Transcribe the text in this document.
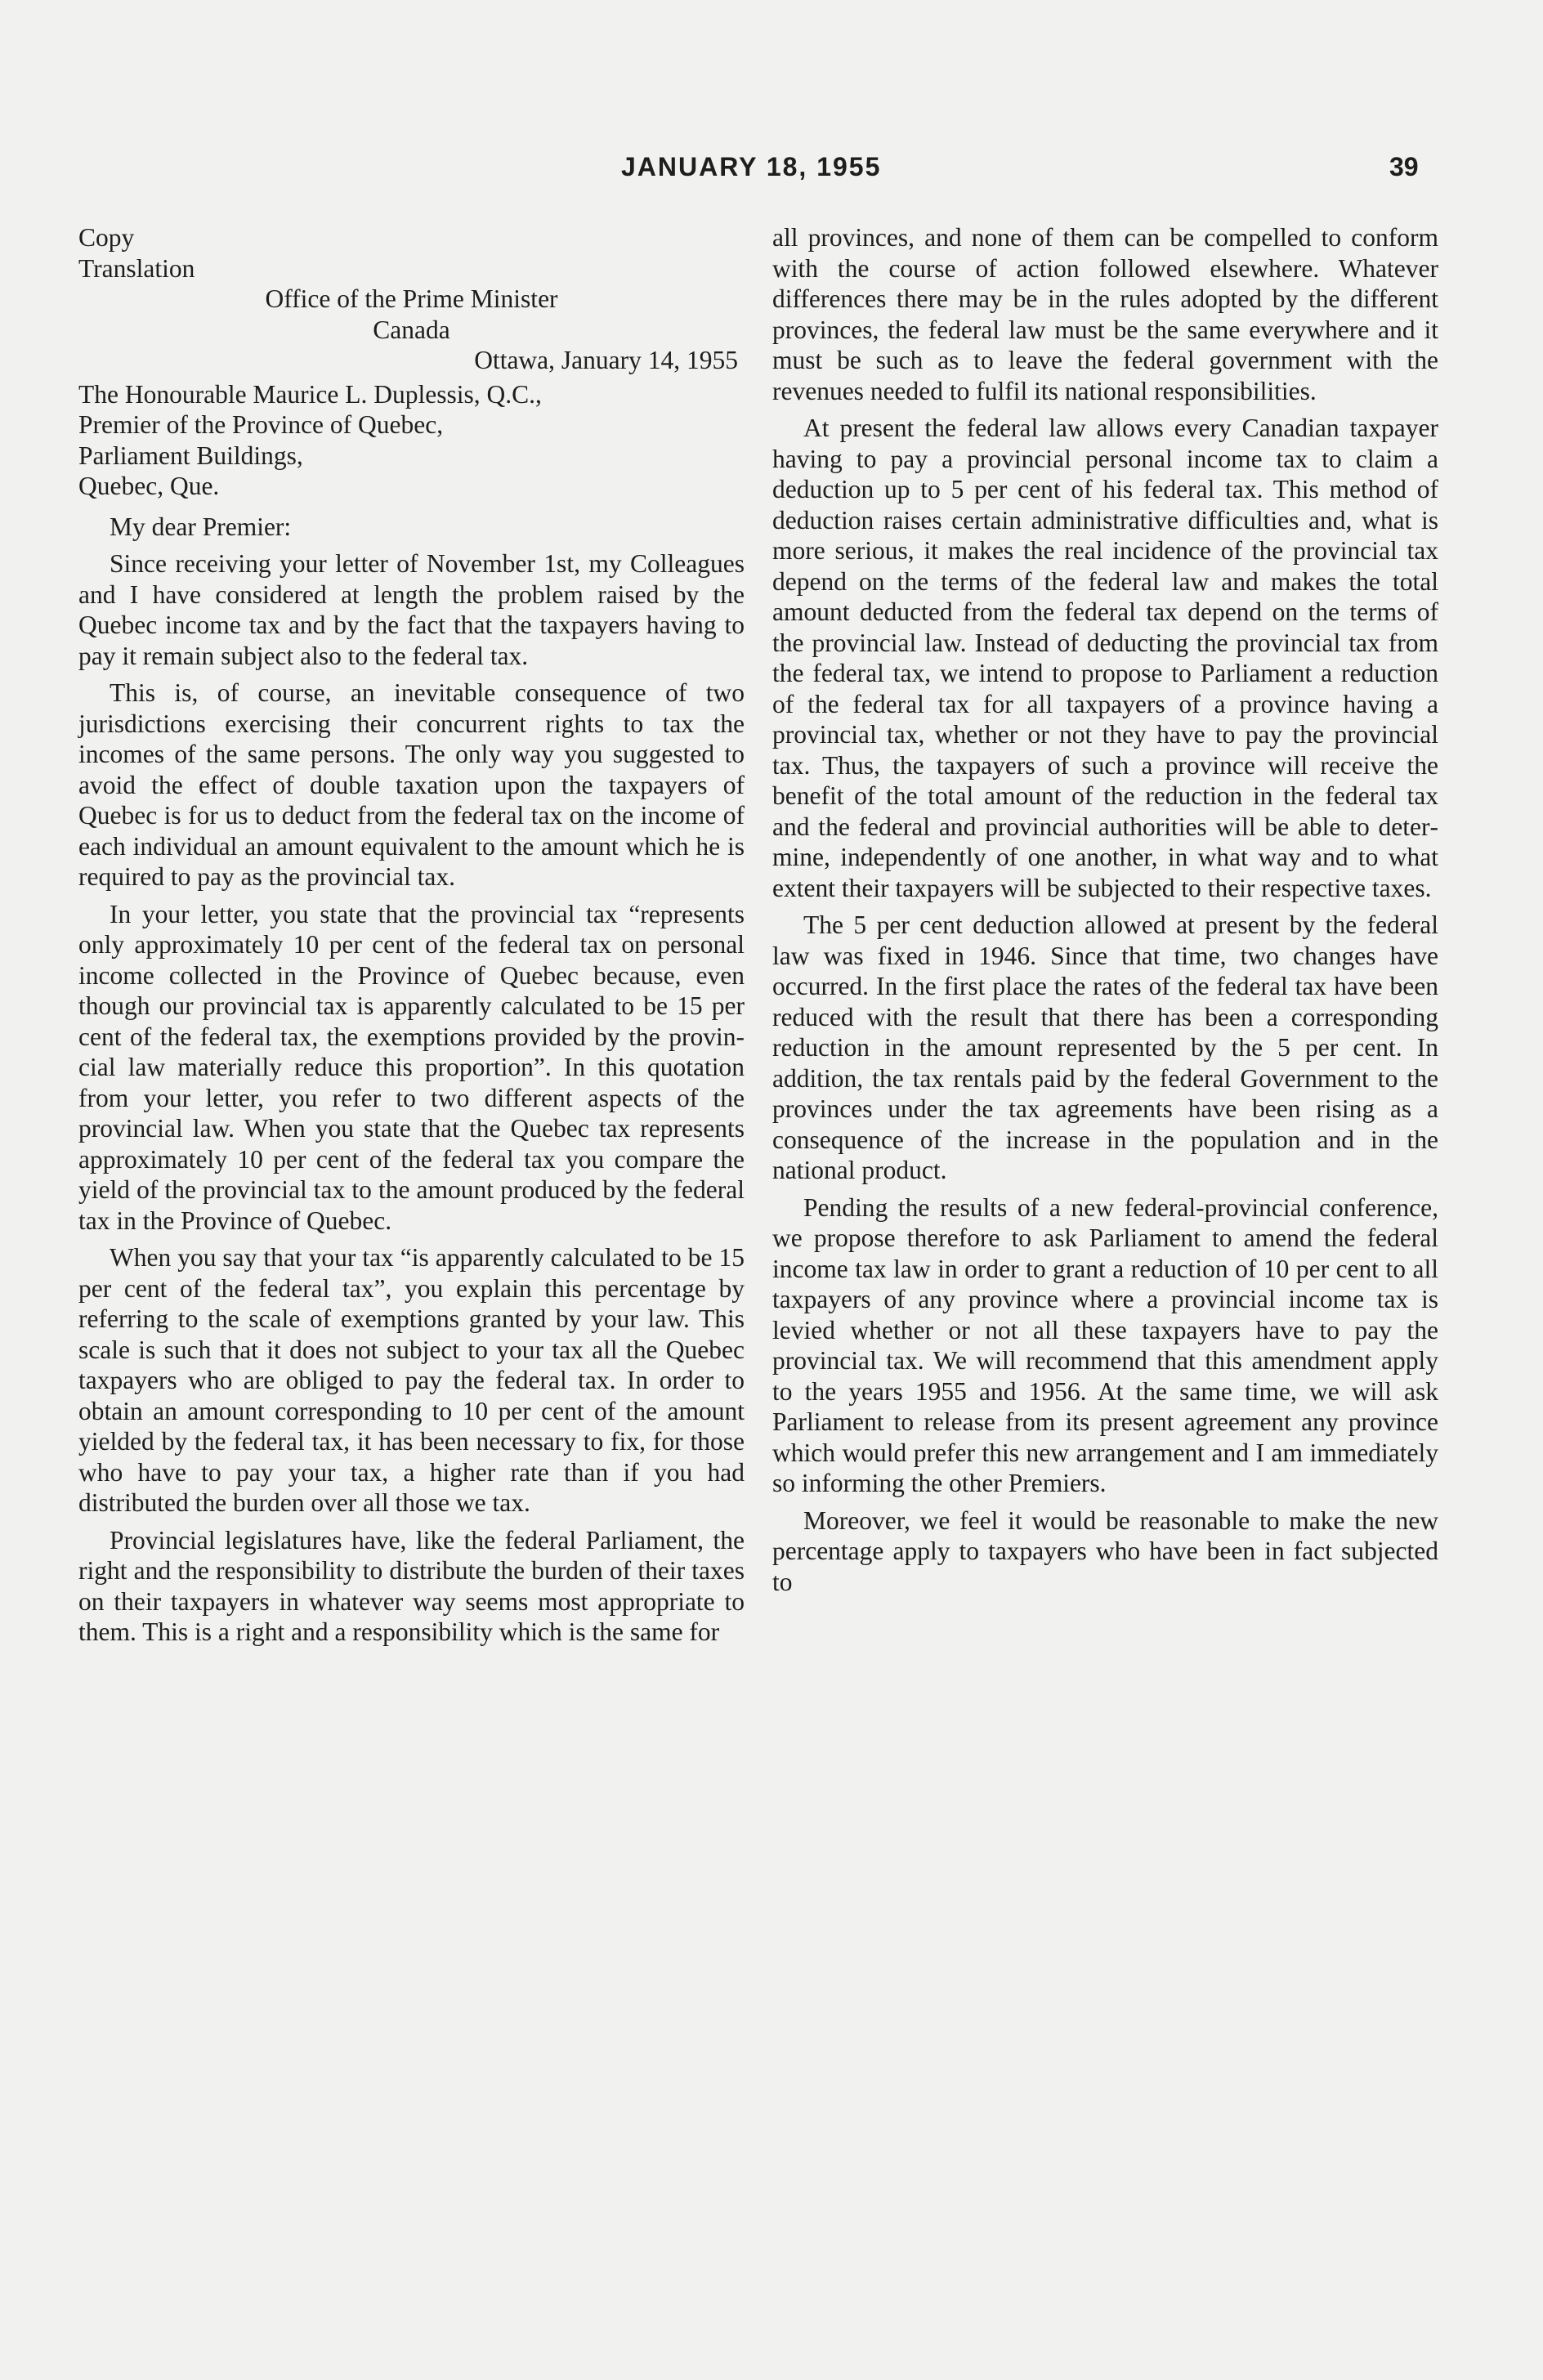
JANUARY 18, 1955	39
Copy
Translation
Office of the Prime Minister
Canada
Ottawa, January 14, 1955
The Honourable Maurice L. Duplessis, Q.C.,
Premier of the Province of Quebec,
Parliament Buildings,
Quebec, Que.

My dear Premier:

Since receiving your letter of November 1st, my Colleagues and I have considered at length the problem raised by the Quebec income tax and by the fact that the taxpayers having to pay it remain subject also to the federal tax.

This is, of course, an inevitable consequence of two jurisdictions exercising their concurrent rights to tax the incomes of the same persons. The only way you suggested to avoid the effect of double taxation upon the taxpayers of Quebec is for us to deduct from the federal tax on the income of each individual an amount equivalent to the amount which he is required to pay as the provincial tax.

In your letter, you state that the provincial tax “represents only approximately 10 per cent of the federal tax on personal income collected in the Province of Quebec because, even though our provincial tax is apparently calculated to be 15 per cent of the federal tax, the exemptions provided by the provincial law materially reduce this proportion”. In this quotation from your letter, you refer to two different aspects of the provincial law. When you state that the Quebec tax represents approximately 10 per cent of the federal tax you compare the yield of the provincial tax to the amount produced by the federal tax in the Province of Quebec.

When you say that your tax “is apparently calculated to be 15 per cent of the federal tax”, you explain this percentage by referring to the scale of exemptions granted by your law. This scale is such that it does not subject to your tax all the Quebec taxpayers who are obliged to pay the federal tax. In order to obtain an amount corresponding to 10 per cent of the amount yielded by the federal tax, it has been necessary to fix, for those who have to pay your tax, a higher rate than if you had distributed the burden over all those we tax.

Provincial legislatures have, like the federal Parliament, the right and the responsibility to distribute the burden of their taxes on their taxpayers in whatever way seems most appropriate to them. This is a right and a responsibility which is the same for

all provinces, and none of them can be compelled to conform with the course of action followed elsewhere. Whatever differences there may be in the rules adopted by the different provinces, the federal law must be the same everywhere and it must be such as to leave the federal government with the revenues needed to fulfil its national responsibilities.

At present the federal law allows every Canadian taxpayer having to pay a provincial personal income tax to claim a deduction up to 5 per cent of his federal tax. This method of deduction raises certain administrative difficulties and, what is more serious, it makes the real incidence of the provincial tax depend on the terms of the federal law and makes the total amount deducted from the federal tax depend on the terms of the provincial law. Instead of deducting the provincial tax from the federal tax, we intend to propose to Parliament a reduction of the federal tax for all taxpayers of a province having a provincial tax, whether or not they have to pay the provincial tax. Thus, the taxpayers of such a province will receive the benefit of the total amount of the reduction in the federal tax and the federal and provincial authorities will be able to determine, independently of one another, in what way and to what extent their taxpayers will be subjected to their respective taxes.

The 5 per cent deduction allowed at present by the federal law was fixed in 1946. Since that time, two changes have occurred. In the first place the rates of the federal tax have been reduced with the result that there has been a corresponding reduction in the amount represented by the 5 per cent. In addition, the tax rentals paid by the federal Government to the provinces under the tax agreements have been rising as a consequence of the increase in the population and in the national product.

Pending the results of a new federal-provincial conference, we propose therefore to ask Parliament to amend the federal income tax law in order to grant a reduction of 10 per cent to all taxpayers of any province where a provincial income tax is levied whether or not all these taxpayers have to pay the provincial tax. We will recommend that this amendment apply to the years 1955 and 1956. At the same time, we will ask Parliament to release from its present agreement any province which would prefer this new arrangement and I am immediately so informing the other Premiers.

Moreover, we feel it would be reasonable to make the new percentage apply to taxpayers who have been in fact subjected to
